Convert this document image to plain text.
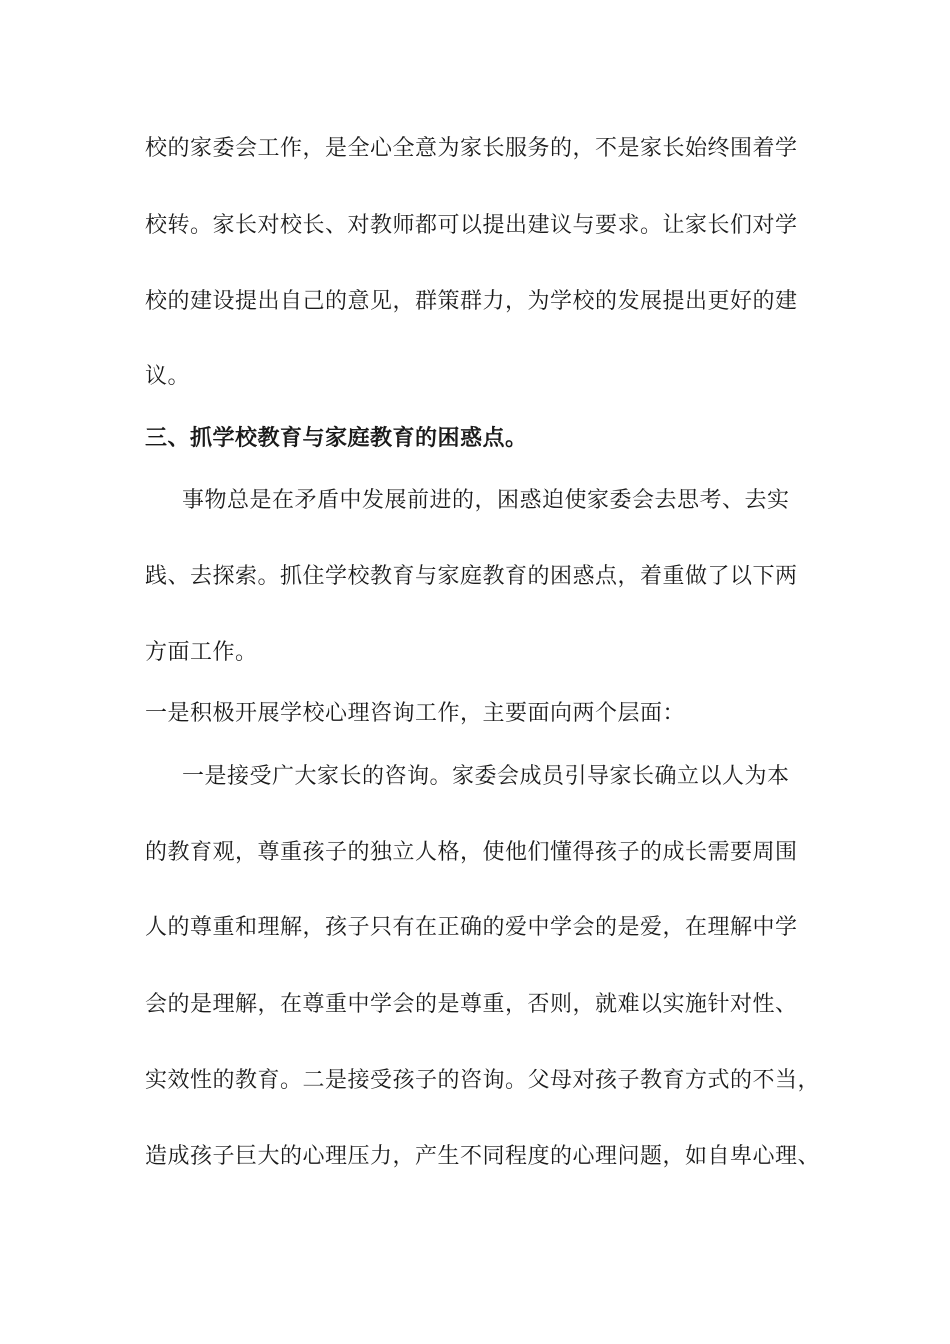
校的家委会工作，是全心全意为家长服务的，不是家长始终围着学
校转。家长对校长、对教师都可以提出建议与要求。让家长们对学
校的建设提出自己的意见，群策群力，为学校的发展提出更好的建
议。
三、抓学校教育与家庭教育的困惑点。
事物总是在矛盾中发展前进的，困惑迫使家委会去思考、去实
践、去探索。抓住学校教育与家庭教育的困惑点，着重做了以下两
方面工作。
一是积极开展学校心理咨询工作，主要面向两个层面：
一是接受广大家长的咨询。家委会成员引导家长确立以人为本
的教育观，尊重孩子的独立人格，使他们懂得孩子的成长需要周围
人的尊重和理解，孩子只有在正确的爱中学会的是爱，在理解中学
会的是理解，在尊重中学会的是尊重，否则，就难以实施针对性、
实效性的教育。二是接受孩子的咨询。父母对孩子教育方式的不当，
造成孩子巨大的心理压力，产生不同程度的心理问题，如自卑心理、
